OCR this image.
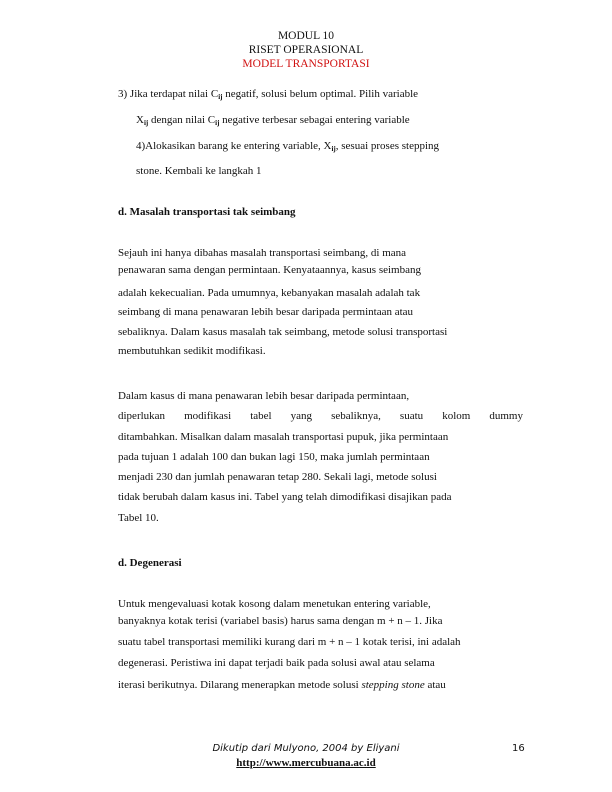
MODUL 10
RISET OPERASIONAL
MODEL TRANSPORTASI
3) Jika terdapat nilai Cij negatif, solusi belum optimal. Pilih variable
Xij dengan nilai Cij negative terbesar sebagai entering variable
4)Alokasikan barang ke entering variable, Xij, sesuai proses stepping
stone. Kembali ke langkah 1
d. Masalah transportasi tak seimbang
Sejauh ini hanya dibahas masalah transportasi seimbang, di mana
penawaran sama dengan permintaan. Kenyataannya, kasus seimbang
adalah kekecualian. Pada umumnya, kebanyakan masalah adalah tak
seimbang di mana penawaran lebih besar daripada permintaan atau
sebaliknya. Dalam kasus masalah tak seimbang, metode solusi transportasi
membutuhkan sedikit modifikasi.
Dalam kasus di mana penawaran lebih besar daripada permintaan,
diperlukan modifikasi tabel yang sebaliknya, suatu kolom dummy
ditambahkan. Misalkan dalam masalah transportasi pupuk, jika permintaan
pada tujuan 1 adalah 100 dan bukan lagi 150, maka jumlah permintaan
menjadi 230 dan jumlah penawaran tetap 280. Sekali lagi, metode solusi
tidak berubah dalam kasus ini. Tabel yang telah dimodifikasi disajikan pada
Tabel 10.
d. Degenerasi
Untuk mengevaluasi kotak kosong dalam menetukan entering variable,
banyaknya kotak terisi (variabel basis) harus sama dengan m + n – 1. Jika
suatu tabel transportasi memiliki kurang dari m + n – 1 kotak terisi, ini adalah
degenerasi. Peristiwa ini dapat terjadi baik pada solusi awal atau selama
iterasi berikutnya. Dilarang menerapkan metode solusi stepping stone atau
Dikutip dari Mulyono, 2004 by Eliyani	16
http://www.mercubuana.ac.id
